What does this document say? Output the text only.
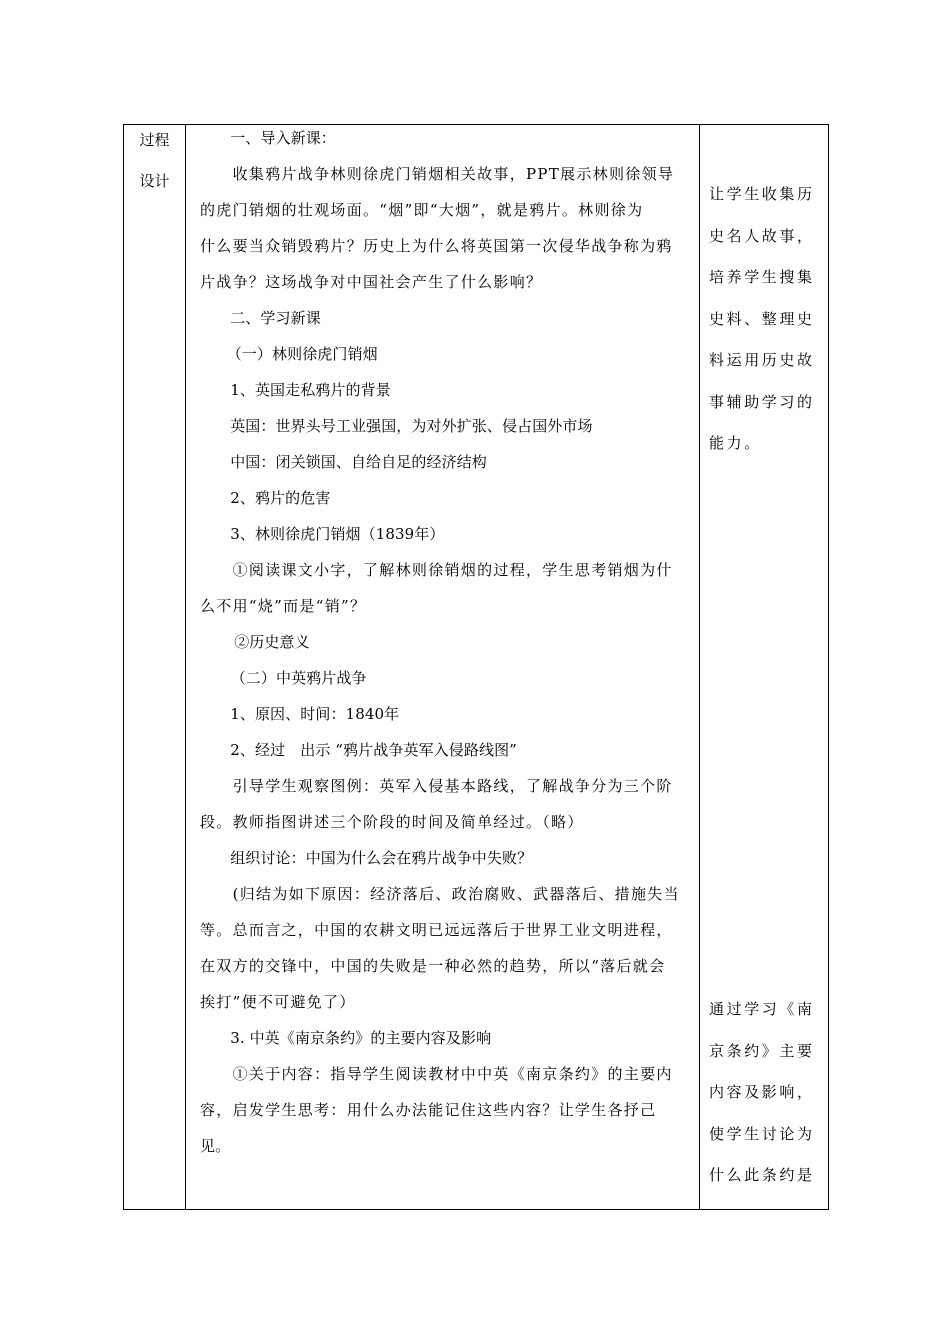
过程
设计

　　一、导入新课：
　　收集鸦片战争林则徐虎门销烟相关故事，PPT展示林则徐领导
的虎门销烟的壮观场面。“烟”即“大烟”，就是鸦片。林则徐为
什么要当众销毁鸦片？历史上为什么将英国第一次侵华战争称为鸦
片战争？这场战争对中国社会产生了什么影响？
　　二、学习新课
　　（一）林则徐虎门销烟
　　1、英国走私鸦片的背景
　　英国：世界头号工业强国，为对外扩张、侵占国外市场
　　中国：闭关锁国、自给自足的经济结构
　　2、鸦片的危害
　　3、林则徐虎门销烟（1839年）
　　①阅读课文小字，了解林则徐销烟的过程，学生思考销烟为什
么不用“烧”而是“销”？
　　②历史意义
　　（二）中英鸦片战争
　　1、原因、时间：1840年
　　2、经过　出示 “鸦片战争英军入侵路线图”
　　引导学生观察图例：英军入侵基本路线，了解战争分为三个阶
段。教师指图讲述三个阶段的时间及简单经过。（略）
　　组织讨论：中国为什么会在鸦片战争中失败？
　　(归结为如下原因：经济落后、政治腐败、武器落后、措施失当
等。总而言之，中国的农耕文明已远远落后于世界工业文明进程，
在双方的交锋中，中国的失败是一种必然的趋势，所以“落后就会
挨打”便不可避免了）
　　3. 中英《南京条约》的主要内容及影响
　　①关于内容：指导学生阅读教材中中英《南京条约》的主要内
容，启发学生思考：用什么办法能记住这些内容？让学生各抒己
见。

让学生收集历
史名人故事，
培养学生搜集
史料、整理史
料运用历史故
事辅助学习的
能力。
通过学习《南
京条约》主要
内容及影响，
使学生讨论为
什么此条约是
